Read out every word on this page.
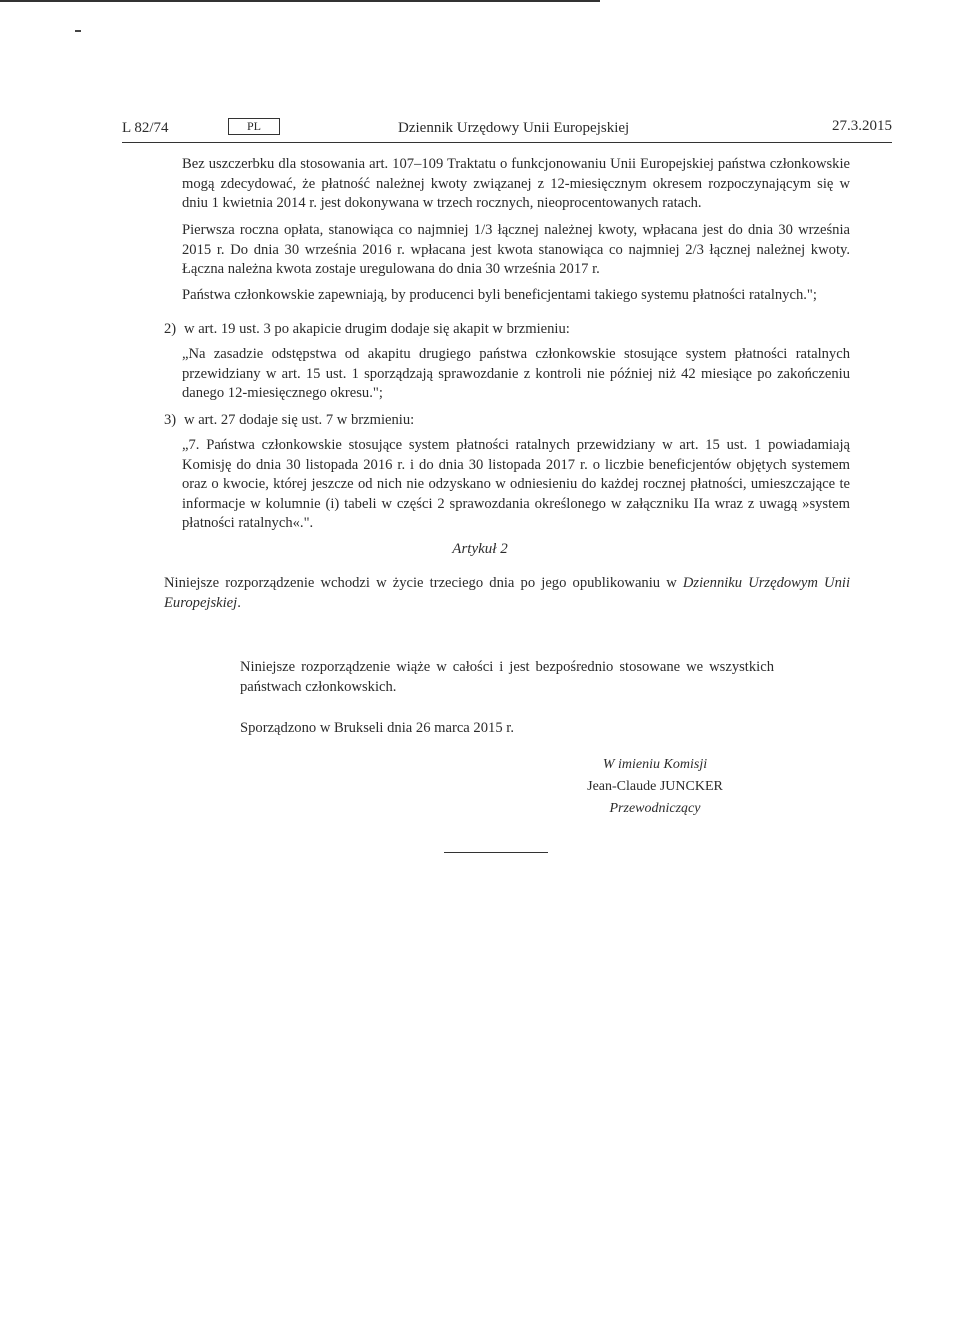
L 82/74	PL	Dziennik Urzędowy Unii Europejskiej	27.3.2015

Bez uszczerbku dla stosowania art. 107–109 Traktatu o funkcjonowaniu Unii Europejskiej państwa członkowskie mogą zdecydować, że płatność należnej kwoty związanej z 12-miesięcznym okresem rozpoczynającym się w dniu 1 kwietnia 2014 r. jest dokonywana w trzech rocznych, nieoprocentowanych ratach.

Pierwsza roczna opłata, stanowiąca co najmniej 1/3 łącznej należnej kwoty, wpłacana jest do dnia 30 września 2015 r. Do dnia 30 września 2016 r. wpłacana jest kwota stanowiąca co najmniej 2/3 łącznej należnej kwoty. Łączna należna kwota zostaje uregulowana do dnia 30 września 2017 r.

Państwa członkowskie zapewniają, by producenci byli beneficjentami takiego systemu płatności ratalnych.";

2) w art. 19 ust. 3 po akapicie drugim dodaje się akapit w brzmieniu:

„Na zasadzie odstępstwa od akapitu drugiego państwa członkowskie stosujące system płatności ratalnych przewidziany w art. 15 ust. 1 sporządzają sprawozdanie z kontroli nie później niż 42 miesiące po zakończeniu danego 12-miesięcznego okresu.";

3) w art. 27 dodaje się ust. 7 w brzmieniu:

„7. Państwa członkowskie stosujące system płatności ratalnych przewidziany w art. 15 ust. 1 powiadamiają Komisję do dnia 30 listopada 2016 r. i do dnia 30 listopada 2017 r. o liczbie beneficjentów objętych systemem oraz o kwocie, której jeszcze od nich nie odzyskano w odniesieniu do każdej rocznej płatności, umieszczające te informacje w kolumnie (i) tabeli w części 2 sprawozdania określonego w załączniku IIa wraz z uwagą »system płatności ratalnych«.".

Artykuł 2

Niniejsze rozporządzenie wchodzi w życie trzeciego dnia po jego opublikowaniu w Dzienniku Urzędowym Unii Europejskiej.

Niniejsze rozporządzenie wiąże w całości i jest bezpośrednio stosowane we wszystkich państwach członkowskich.

Sporządzono w Brukseli dnia 26 marca 2015 r.

W imieniu Komisji
Jean-Claude JUNCKER
Przewodniczący
